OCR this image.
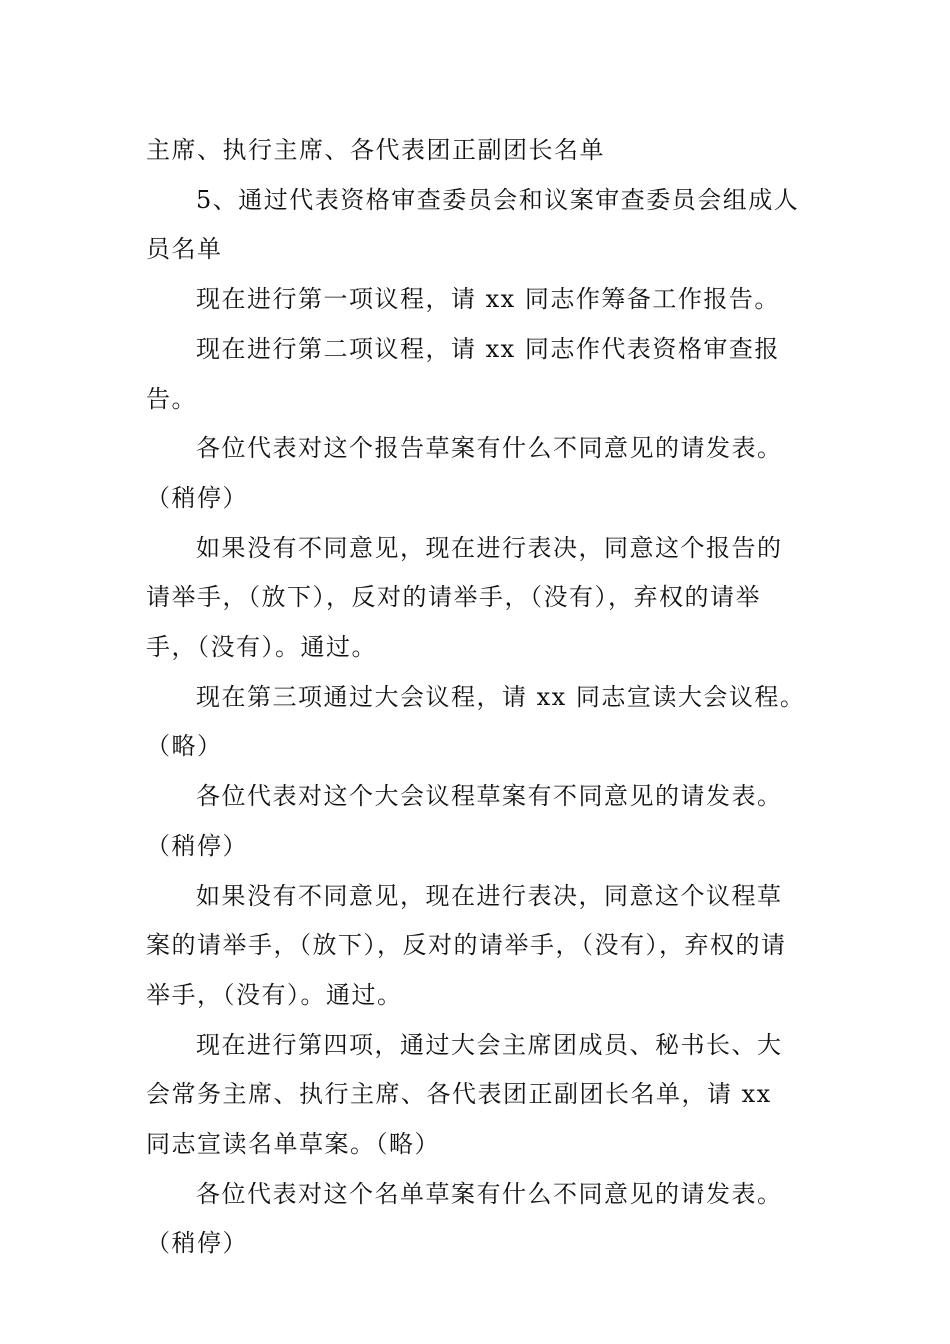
主席、执行主席、各代表团正副团长名单

5、通过代表资格审查委员会和议案审查委员会组成人员名单

现在进行第一项议程，请 xx 同志作筹备工作报告。

现在进行第二项议程，请 xx 同志作代表资格审查报告。

各位代表对这个报告草案有什么不同意见的请发表。（稍停）

如果没有不同意见，现在进行表决，同意这个报告的请举手，（放下），反对的请举手，（没有），弃权的请举手，（没有）。通过。

现在第三项通过大会议程，请 xx 同志宣读大会议程。（略）

各位代表对这个大会议程草案有不同意见的请发表。（稍停）

如果没有不同意见，现在进行表决，同意这个议程草案的请举手，（放下），反对的请举手，（没有），弃权的请举手，（没有）。通过。

现在进行第四项，通过大会主席团成员、秘书长、大会常务主席、执行主席、各代表团正副团长名单，请 xx 同志宣读名单草案。（略）

各位代表对这个名单草案有什么不同意见的请发表。（稍停）
